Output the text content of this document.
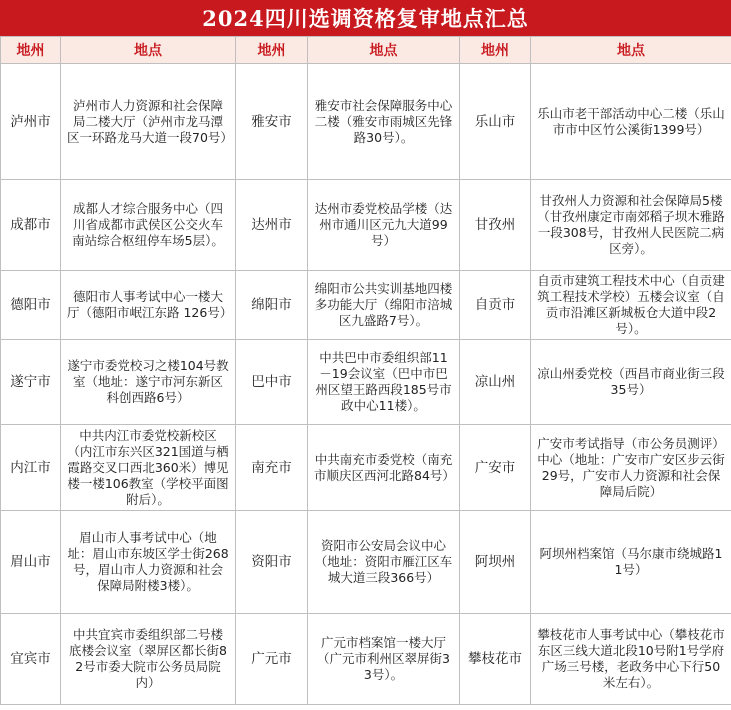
2024四川选调资格复审地点汇总
地州	地点	地州	地点	地州	地点
泸州市	泸州市人力资源和社会保障局二楼大厅（泸州市龙马潭区一环路龙马大道一段70号）	雅安市	雅安市社会保障服务中心二楼（雅安市雨城区先锋路30号）。	乐山市	乐山市老干部活动中心二楼（乐山市市中区竹公溪街1399号）
成都市	成都人才综合服务中心（四川省成都市武侯区公交火车南站综合枢纽停车场5层）。	达州市	达州市委党校品学楼（达州市通川区元九大道99号）	甘孜州	甘孜州人力资源和社会保障局5楼（甘孜州康定市南郊稻子坝木雅路一段308号，甘孜州人民医院二病区旁）。
德阳市	德阳市人事考试中心一楼大厅（德阳市岷江东路 126号）	绵阳市	绵阳市公共实训基地四楼多功能大厅（绵阳市涪城区九盛路7号）。	自贡市	自贡市建筑工程技术中心（自贡建筑工程技术学校）五楼会议室（自贡市沿滩区新城板仓大道中段2号）。
遂宁市	遂宁市委党校习之楼104号教室（地址：遂宁市河东新区科创西路6号）	巴中市	中共巴中市委组织部11－19会议室（巴中市巴州区望王路西段185号市政中心11楼）。	凉山州	凉山州委党校（西昌市商业街三段35号）
内江市	中共内江市委党校新校区（内江市东兴区321国道与栖霞路交叉口西北360米）博见楼一楼106教室（学校平面图附后）。	南充市	中共南充市委党校（南充市顺庆区西河北路84号）	广安市	广安市考试指导（市公务员测评）中心（地址：广安市广安区步云街29号，广安市人力资源和社会保障局后院）
眉山市	眉山市人事考试中心（地址：眉山市东坡区学士街268号，眉山市人力资源和社会保障局附楼3楼）。	资阳市	资阳市公安局会议中心（地址：资阳市雁江区车城大道三段366号）	阿坝州	阿坝州档案馆（马尔康市绕城路11号）
宜宾市	中共宜宾市委组织部二号楼底楼会议室（翠屏区都长街82号市委大院市公务员局院内）	广元市	广元市档案馆一楼大厅（广元市利州区翠屏街33号）。	攀枝花市	攀枝花市人事考试中心（攀枝花市东区三线大道北段10号附1号学府广场三号楼，老政务中心下行50米左右）。
